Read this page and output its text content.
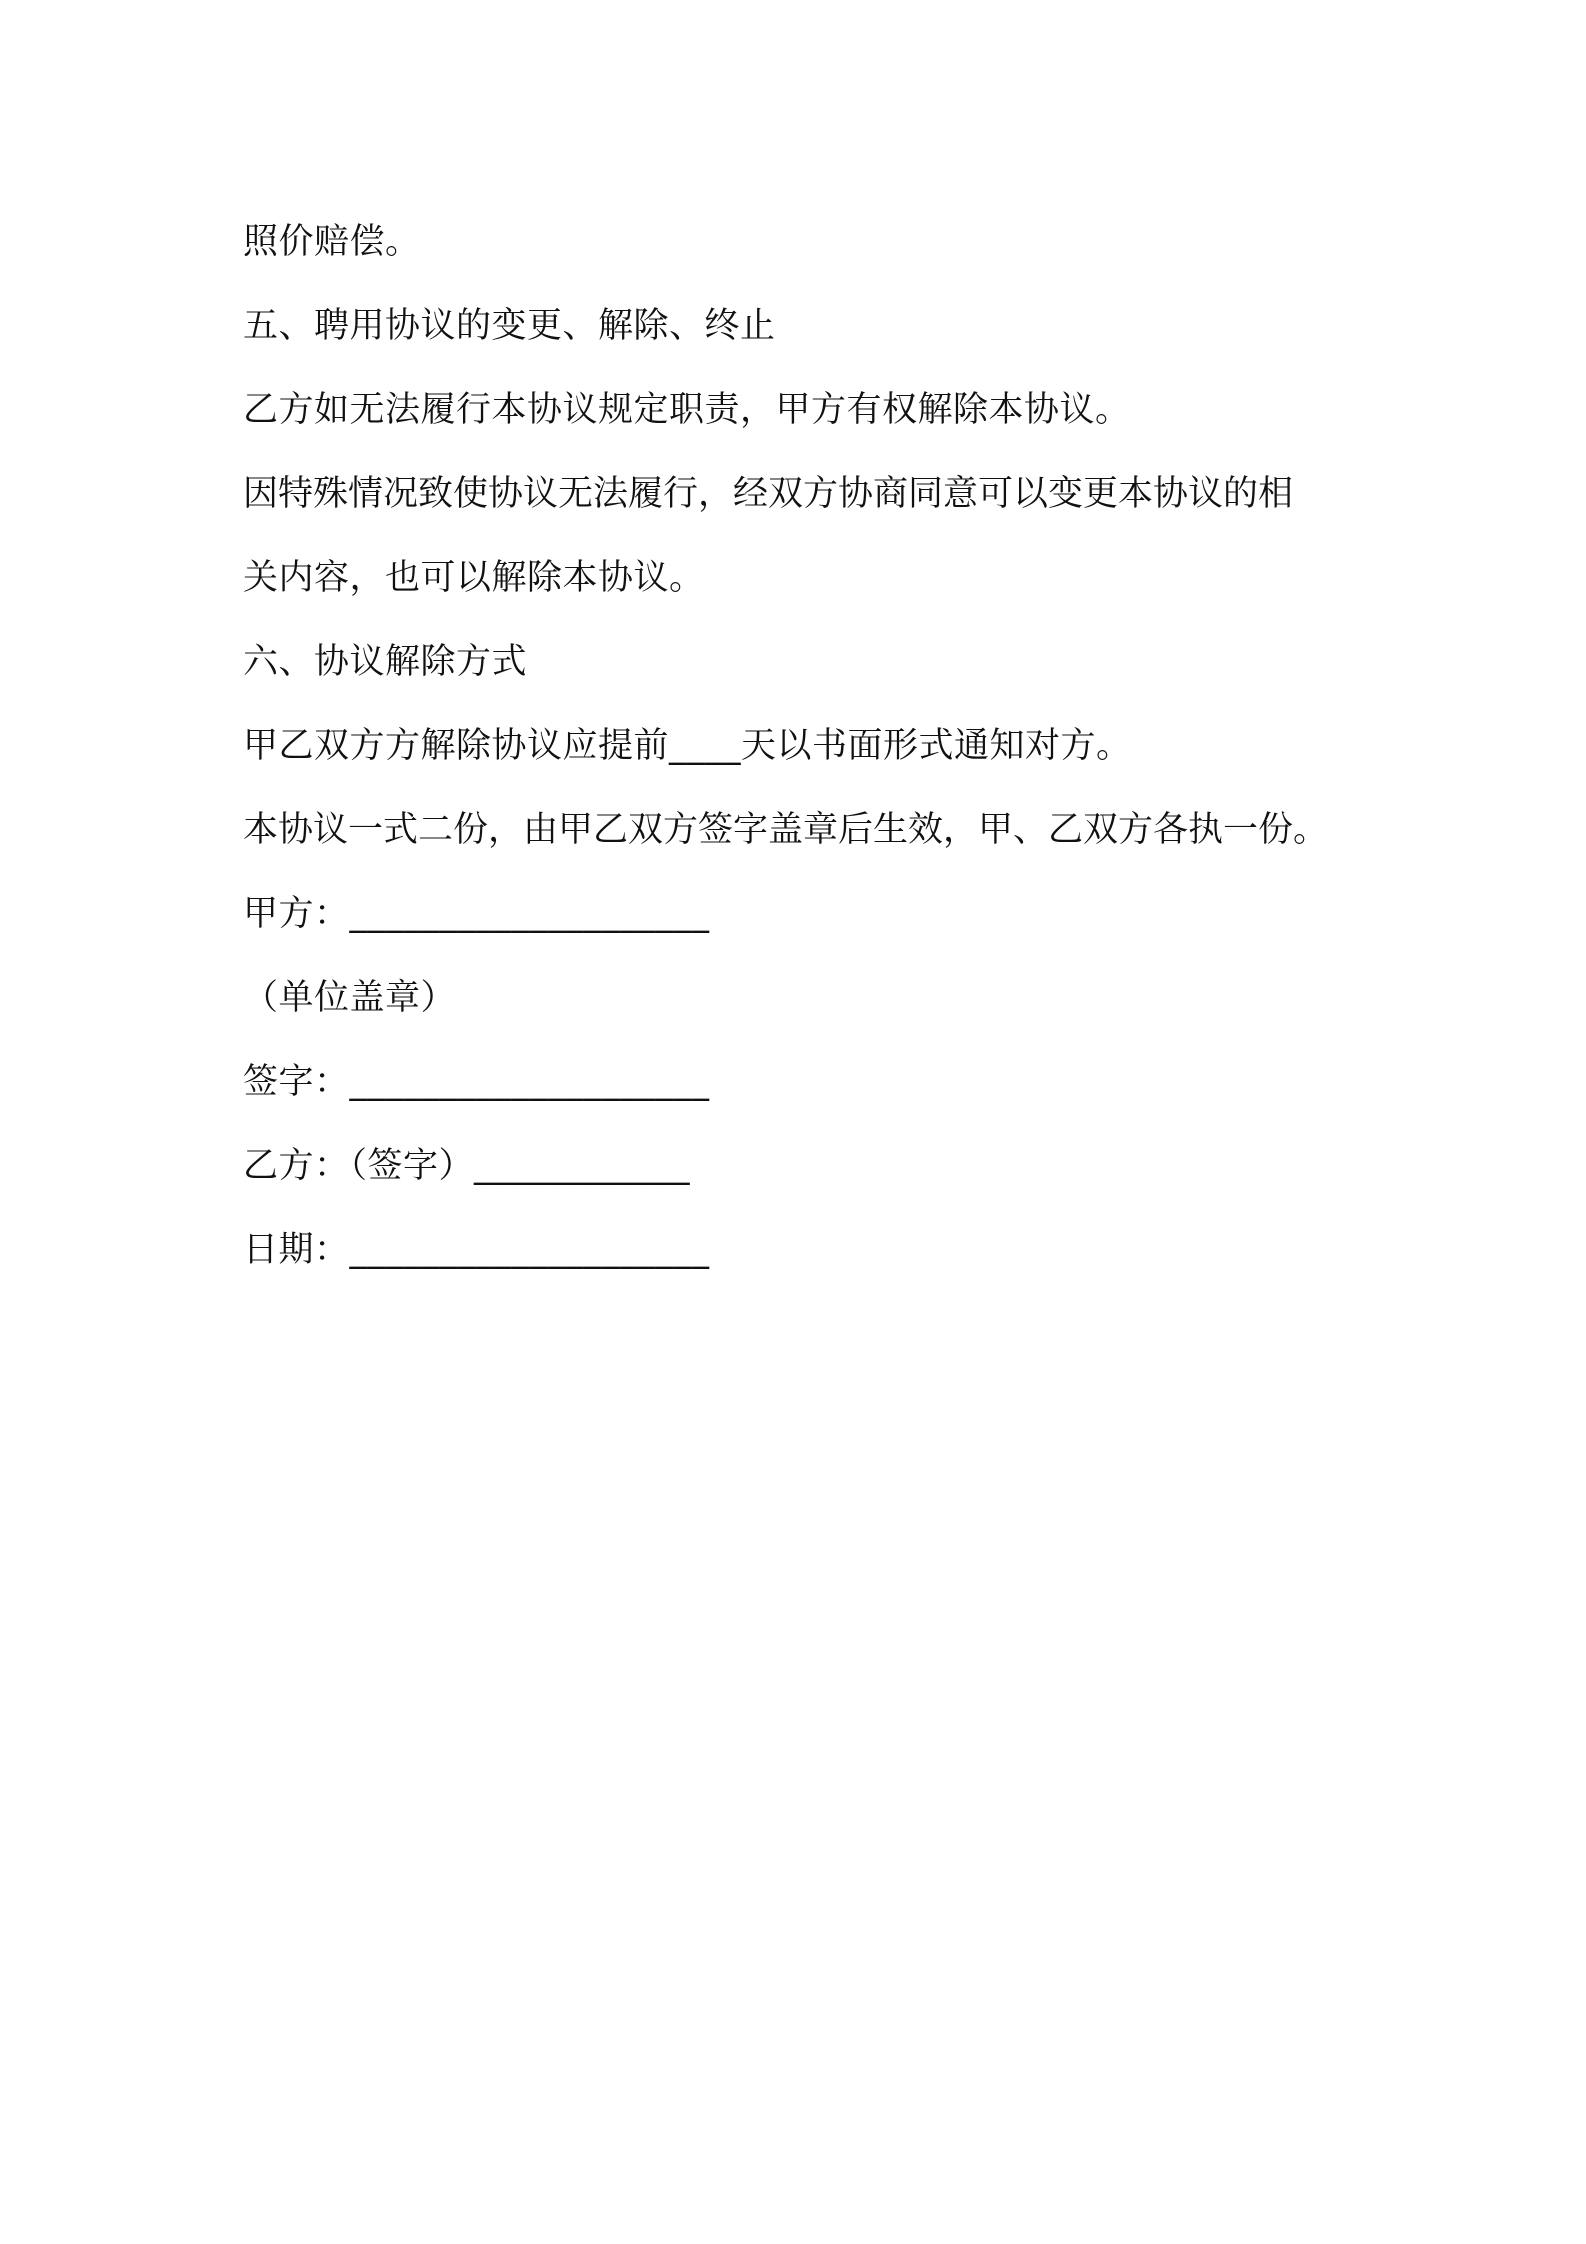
照价赔偿。
五、聘用协议的变更、解除、终止
乙方如无法履行本协议规定职责，甲方有权解除本协议。
因特殊情况致使协议无法履行，经双方协商同意可以变更本协议的相
关内容，也可以解除本协议。
六、协议解除方式
甲乙双方方解除协议应提前____天以书面形式通知对方。
本协议一式二份，由甲乙双方签字盖章后生效，甲、乙双方各执一份。
甲方：____________________
（单位盖章）
签字：____________________
乙方：（签字）____________
日期：____________________
